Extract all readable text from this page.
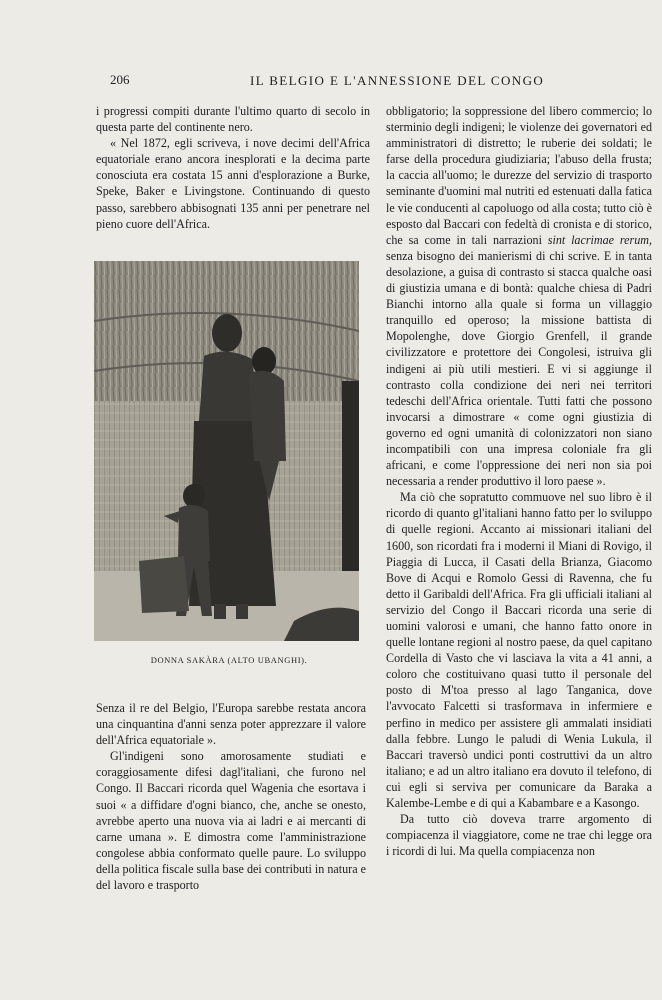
206	IL BELGIO E L'ANNESSIONE DEL CONGO

i progressi compiti durante l'ultimo quarto di secolo in questa parte del continente nero.

« Nel 1872, egli scriveva, i nove decimi dell'Africa equatoriale erano ancora inesplorati e la decima parte conosciuta era costata 15 anni d'esplorazione a Burke, Speke, Baker e Livingstone. Continuando di questo passo, sarebbero abbisognati 135 anni per penetrare nel pieno cuore dell'Africa.

DONNA SAKÀRA (ALTO UBANGHI).

Senza il re del Belgio, l'Europa sarebbe restata ancora una cinquantina d'anni senza poter apprezzare il valore dell'Africa equatoriale ».

Gl'indigeni sono amorosamente studiati e coraggiosamente difesi dagl'italiani, che furono nel Congo. Il Baccari ricorda quel Wagenia che esortava i suoi « a diffidare d'ogni bianco, che, anche se onesto, avrebbe aperto una nuova via ai ladri e ai mercanti di carne umana ». E dimostra come l'amministrazione congolese abbia conformato quelle paure. Lo sviluppo della politica fiscale sulla base dei contributi in natura e del lavoro e trasporto

obbligatorio; la soppressione del libero commercio; lo sterminio degli indigeni; le violenze dei governatori ed amministratori di distretto; le ruberie dei soldati; le farse della procedura giudiziaria; l'abuso della frusta; la caccia all'uomo; le durezze del servizio di trasporto seminante d'uomini mal nutriti ed estenuati dalla fatica le vie conducenti al capoluogo od alla costa; tutto ciò è esposto dal Baccari con fedeltà di cronista e di storico, che sa come in tali narrazioni sint lacrimae rerum, senza bisogno dei manierismi di chi scrive. E in tanta desolazione, a guisa di contrasto si stacca qualche oasi di giustizia umana e di bontà: qualche chiesa di Padri Bianchi intorno alla quale si forma un villaggio tranquillo ed operoso; la missione battista di Mopolenghe, dove Giorgio Grenfell, il grande civilizzatore e protettore dei Congolesi, istruiva gli indigeni ai più utili mestieri. E vi si aggiunge il contrasto colla condizione dei neri nei territori tedeschi dell'Africa orientale. Tutti fatti che possono invocarsi a dimostrare « come ogni giustizia di governo ed ogni umanità di colonizzatori non siano incompatibili con una impresa coloniale fra gli africani, e come l'oppressione dei neri non sia poi necessaria a render produttivo il loro paese ».

Ma ciò che sopratutto commuove nel suo libro è il ricordo di quanto gl'italiani hanno fatto per lo sviluppo di quelle regioni. Accanto ai missionari italiani del 1600, son ricordati fra i moderni il Miani di Rovigo, il Piaggia di Lucca, il Casati della Brianza, Giacomo Bove di Acqui e Romolo Gessi di Ravenna, che fu detto il Garibaldi dell'Africa. Fra gli ufficiali italiani al servizio del Congo il Baccari ricorda una serie di uomini valorosi e umani, che hanno fatto onore in quelle lontane regioni al nostro paese, da quel capitano Cordella di Vasto che vi lasciava la vita a 41 anni, a coloro che costituivano quasi tutto il personale del posto di M'toa presso al lago Tanganica, dove l'avvocato Falcetti si trasformava in infermiere e perfino in medico per assistere gli ammalati insidiati dalla febbre. Lungo le paludi di Wenia Lukula, il Baccari traversò undici ponti costruttivi da un altro italiano; e ad un altro italiano era dovuto il telefono, di cui egli si serviva per comunicare da Baraka a Kalembe-Lembe e di qui a Kabambare e a Kasongo.

Da tutto ciò doveva trarre argomento di compiacenza il viaggiatore, come ne trae chi legge ora i ricordi di lui. Ma quella compiacenza non
